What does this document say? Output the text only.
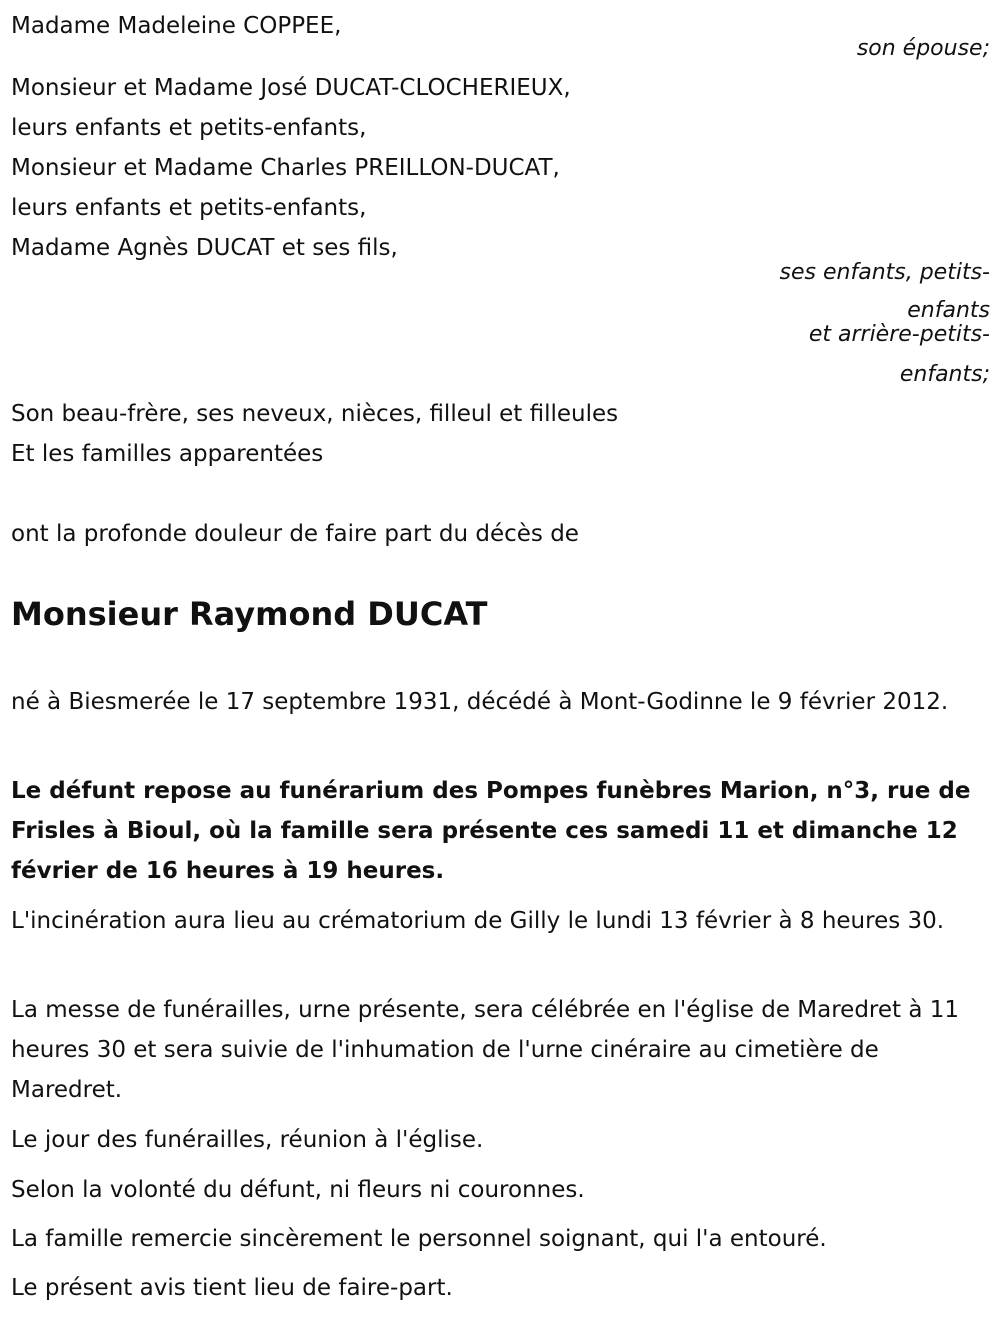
Madame Madeleine COPPEE,
son épouse;
Monsieur et Madame José DUCAT-CLOCHERIEUX,
leurs enfants et petits-enfants,
Monsieur et Madame Charles PREILLON-DUCAT,
leurs enfants et petits-enfants,
Madame Agnès DUCAT et ses fils,
ses enfants, petits-
enfants
et arrière-petits-
enfants;
Son beau-frère, ses neveux, nièces, filleul et filleules
Et les familles apparentées
ont la profonde douleur de faire part du décès de
Monsieur Raymond DUCAT
né à Biesmerée le 17 septembre 1931, décédé à Mont-Godinne le 9 février 2012.
Le défunt repose au funérarium des Pompes funèbres Marion, n°3, rue de Frisles à Bioul, où la famille sera présente ces samedi 11 et dimanche 12 février de 16 heures à 19 heures.
L'incinération aura lieu au crématorium de Gilly le lundi 13 février à 8 heures 30.
La messe de funérailles, urne présente, sera célébrée en l'église de Maredret à 11 heures 30 et sera suivie de l'inhumation de l'urne cinéraire au cimetière de Maredret.
Le jour des funérailles, réunion à l'église.
Selon la volonté du défunt, ni fleurs ni couronnes.
La famille remercie sincèrement le personnel soignant, qui l'a entouré.
Le présent avis tient lieu de faire-part.
